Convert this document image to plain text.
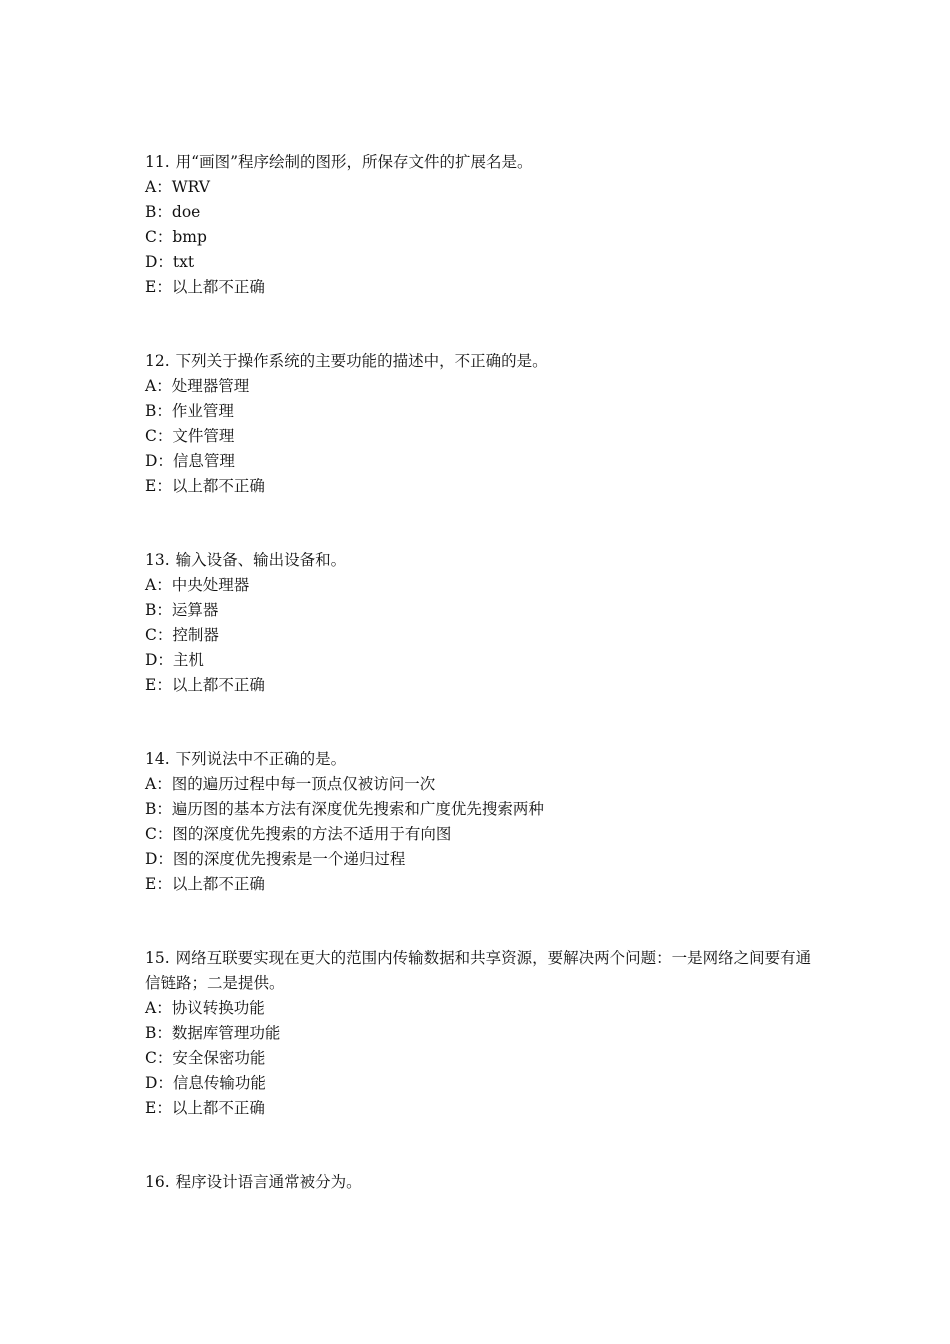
11. 用“画图”程序绘制的图形，所保存文件的扩展名是。
A：WRV
B：doe
C：bmp
D：txt
E：以上都不正确
12. 下列关于操作系统的主要功能的描述中，不正确的是。
A：处理器管理
B：作业管理
C：文件管理
D：信息管理
E：以上都不正确
13. 输入设备、输出设备和。
A：中央处理器
B：运算器
C：控制器
D：主机
E：以上都不正确
14. 下列说法中不正确的是。
A：图的遍历过程中每一顶点仅被访问一次
B：遍历图的基本方法有深度优先搜索和广度优先搜索两种
C：图的深度优先搜索的方法不适用于有向图
D：图的深度优先搜索是一个递归过程
E：以上都不正确
15. 网络互联要实现在更大的范围内传输数据和共享资源，要解决两个问题：一是网络之间要有通信链路；二是提供。
A：协议转换功能
B：数据库管理功能
C：安全保密功能
D：信息传输功能
E：以上都不正确
16. 程序设计语言通常被分为。
